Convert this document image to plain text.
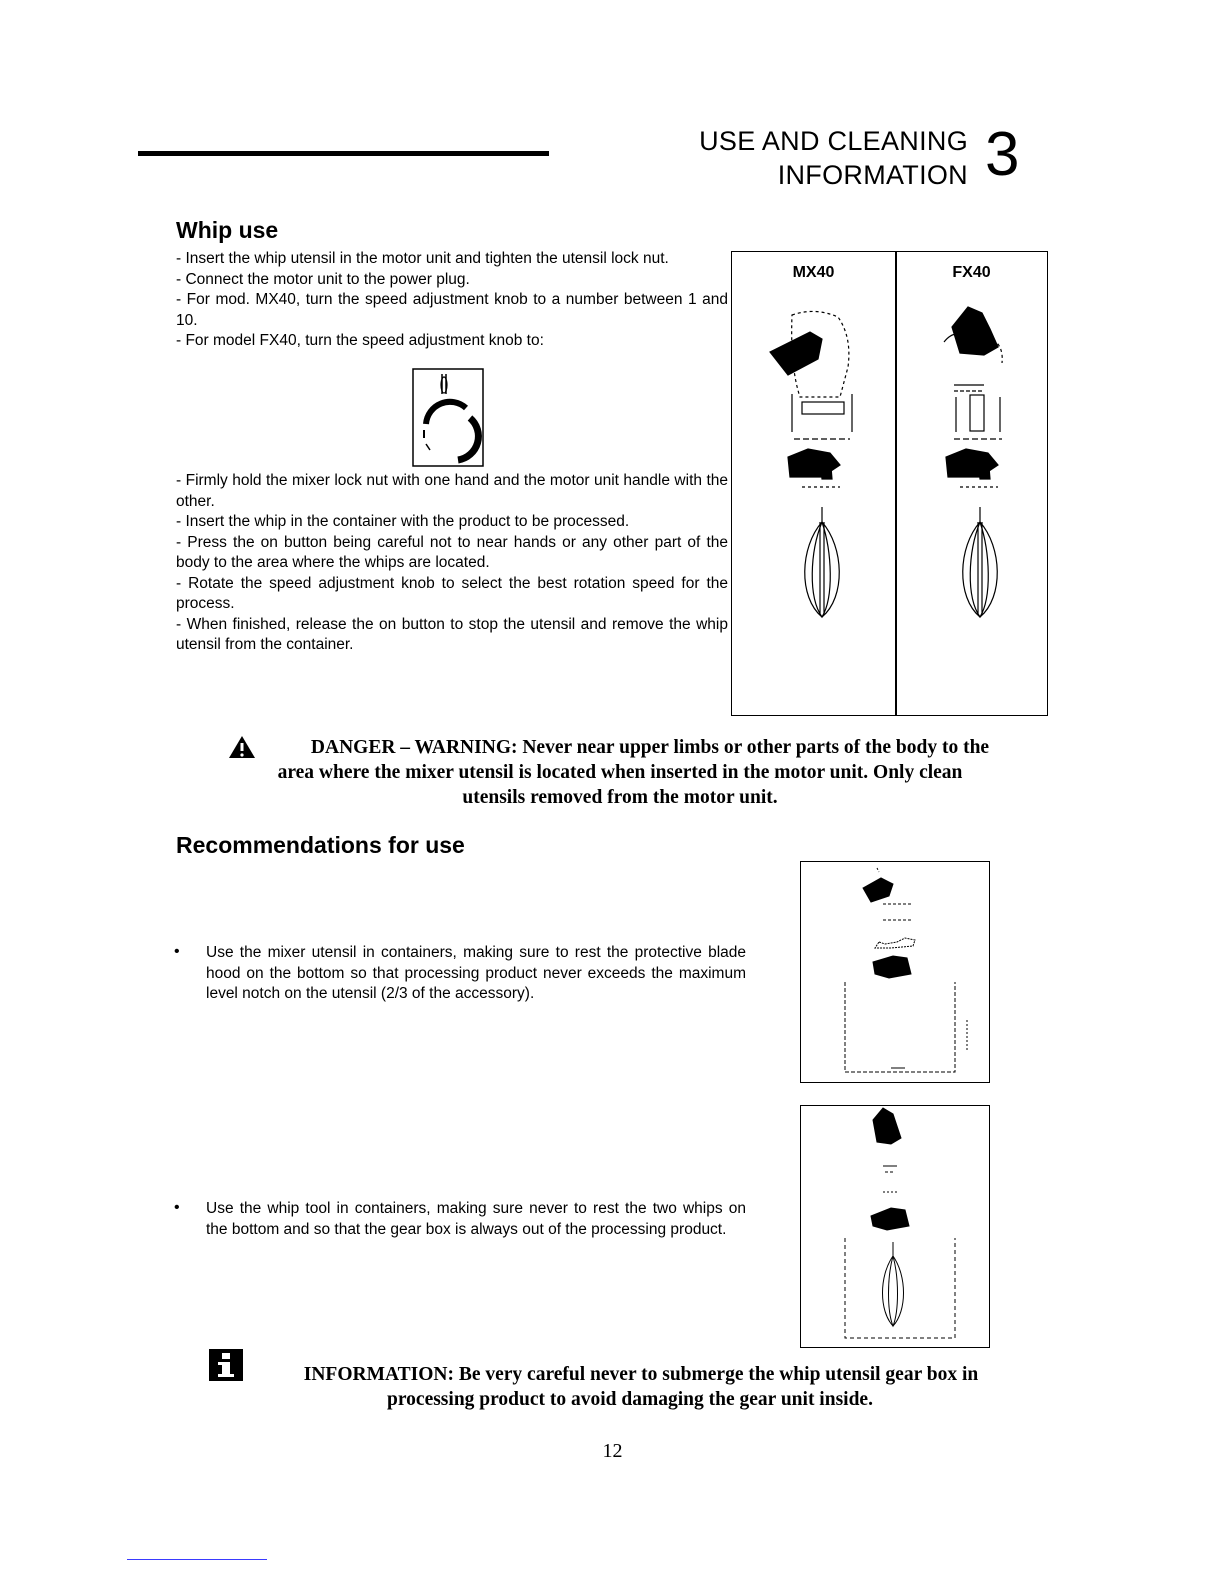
USE AND CLEANING
INFORMATION 3
Whip use

- Insert the whip utensil in the motor unit and tighten the utensil lock nut.

- Connect the motor unit to the power plug.

- For mod. MX40, turn the speed adjustment knob to a number between 1 and 10.

- For model FX40, turn the speed adjustment knob to:

- Firmly hold the mixer lock nut with one hand and the motor unit handle with the other.

- Insert the whip in the container with the product to be processed.

- Press the on button being careful not to near hands or any other part of the body to the area where the whips are located.

- Rotate the speed adjustment knob to select the best rotation speed for the process.

- When finished, release the on button to stop the utensil and remove the whip utensil from the container.

MX40	FX40
DANGER – WARNING: Never near upper limbs or other parts of the body to the
area where the mixer utensil is located when inserted in the motor unit. Only clean
utensils removed from the motor unit.
Recommendations for use
• Use the mixer utensil in containers, making sure to rest the protective blade hood on the bottom so that processing product never exceeds the maximum level notch on the utensil (2/3 of the accessory).
• Use the whip tool in containers, making sure never to rest the two whips on the bottom and so that the gear box is always out of the processing product.
INFORMATION: Be very careful never to submerge the whip utensil gear box in
processing product to avoid damaging the gear unit inside.
12
